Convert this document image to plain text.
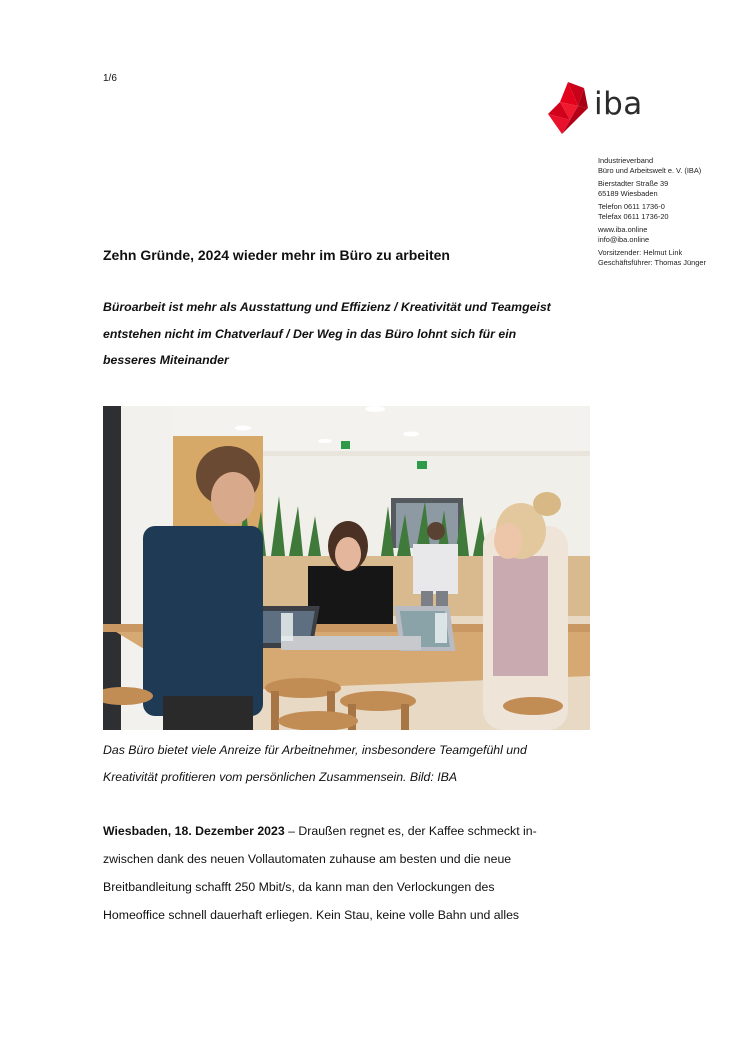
1/6
iba
Industrieverband
Büro und Arbeitswelt e. V. (IBA)
Bierstadter Straße 39
65189 Wiesbaden
Telefon 0611 1736-0
Telefax 0611 1736-20
www.iba.online
info@iba.online
Vorsitzender: Helmut Link
Geschäftsführer: Thomas Jünger
Zehn Gründe, 2024 wieder mehr im Büro zu arbeiten
Büroarbeit ist mehr als Ausstattung und Effizienz / Kreativität und Teamgeist
entstehen nicht im Chatverlauf / Der Weg in das Büro lohnt sich für ein
besseres Miteinander
Das Büro bietet viele Anreize für Arbeitnehmer, insbesondere Teamgefühl und
Kreativität profitieren vom persönlichen Zusammensein. Bild: IBA
Wiesbaden, 18. Dezember 2023 – Draußen regnet es, der Kaffee schmeckt in-
zwischen dank des neuen Vollautomaten zuhause am besten und die neue
Breitbandleitung schafft 250 Mbit/s, da kann man den Verlockungen des
Homeoffice schnell dauerhaft erliegen. Kein Stau, keine volle Bahn und alles
